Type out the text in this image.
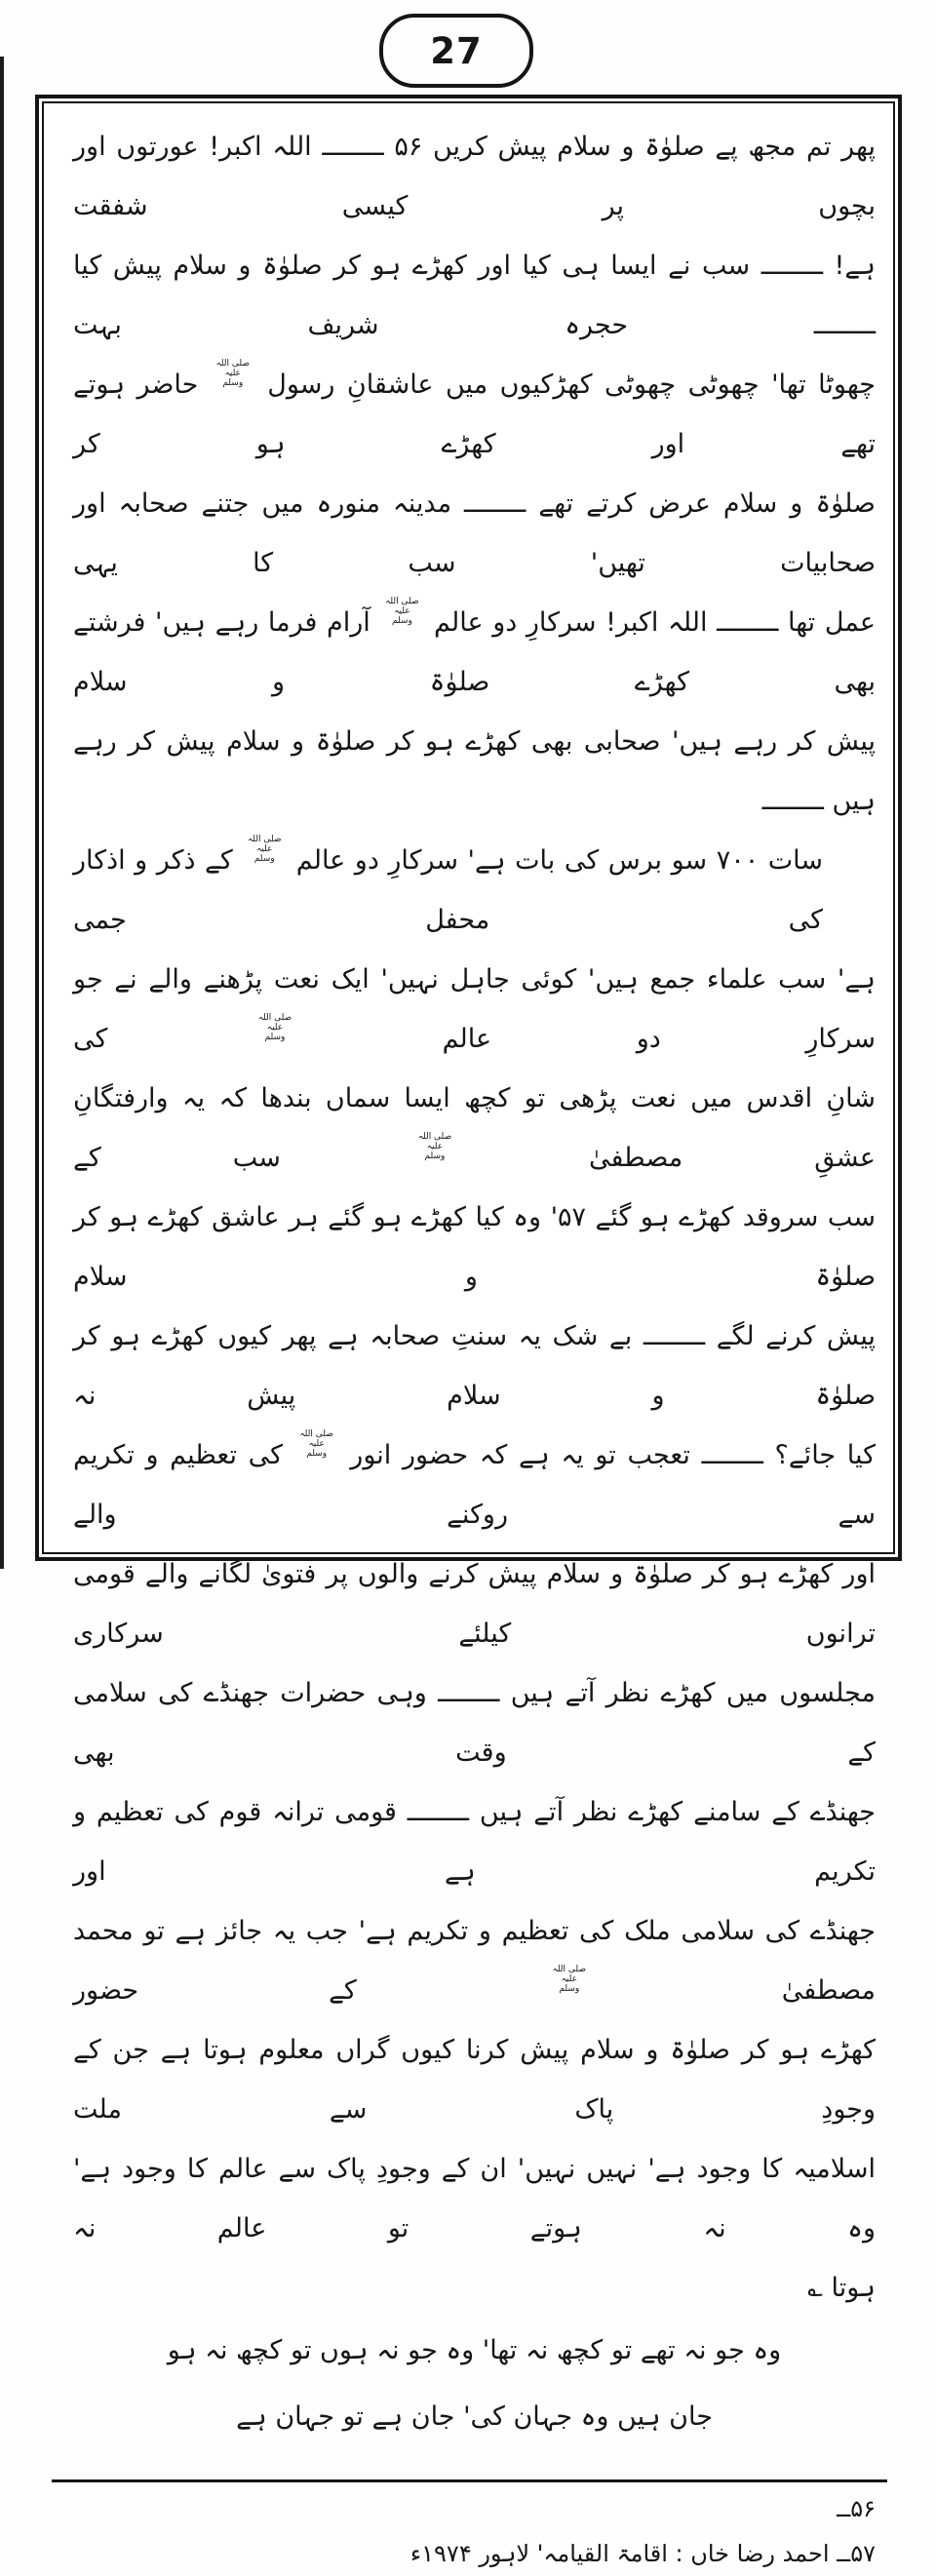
27
پھر تم مجھ پے صلوٰۃ و سلام پیش کریں ۵۶ ــــــــ اللہ اکبر! عورتوں اور بچوں پر کیسی شفقت
ہے! ــــــــ سب نے ایسا ہی کیا اور کھڑے ہو کر صلوٰۃ و سلام پیش کیا ــــــــ حجرہ شریف بہت
چھوٹا تھا' چھوٹی چھوٹی کھڑکیوں میں عاشقانِ رسول صلی اللہ
علیہ وسلم حاضر ہوتے تھے اور کھڑے ہو کر
صلوٰۃ و سلام عرض کرتے تھے ــــــــ مدینہ منورہ میں جتنے صحابہ اور صحابیات تھیں' سب کا یہی
عمل تھا ــــــــ اللہ اکبر! سرکارِ دو عالم صلی اللہ
علیہ وسلم آرام فرما رہے ہیں' فرشتے بھی کھڑے صلوٰۃ و سلام
پیش کر رہے ہیں' صحابی بھی کھڑے ہو کر صلوٰۃ و سلام پیش کر رہے ہیں ــــــــ
سات ۷۰۰ سو برس کی بات ہے' سرکارِ دو عالم صلی اللہ
علیہ وسلم کے ذکر و اذکار کی محفل جمی
ہے' سب علماء جمع ہیں' کوئی جاہل نہیں' ایک نعت پڑھنے والے نے جو سرکارِ دو عالم صلی اللہ
علیہ وسلم کی
شانِ اقدس میں نعت پڑھی تو کچھ ایسا سماں بندھا کہ یہ وارفتگانِ عشقِ مصطفیٰ صلی اللہ
علیہ وسلم سب کے
سب سروقد کھڑے ہو گئے ۵۷' وہ کیا کھڑے ہو گئے ہر عاشق کھڑے ہو کر صلوٰۃ و سلام
پیش کرنے لگے ــــــــ بے شک یہ سنتِ صحابہ ہے پھر کیوں کھڑے ہو کر صلوٰۃ و سلام پیش نہ
کیا جائے؟ ــــــــ تعجب تو یہ ہے کہ حضور انور صلی اللہ
علیہ وسلم کی تعظیم و تکریم سے روکنے والے
اور کھڑے ہو کر صلوٰۃ و سلام پیش کرنے والوں پر فتویٰ لگانے والے قومی ترانوں کیلئے سرکاری
مجلسوں میں کھڑے نظر آتے ہیں ــــــــ وہی حضرات جھنڈے کی سلامی کے وقت بھی
جھنڈے کے سامنے کھڑے نظر آتے ہیں ــــــــ قومی ترانہ قوم کی تعظیم و تکریم ہے اور
جھنڈے کی سلامی ملک کی تعظیم و تکریم ہے' جب یہ جائز ہے تو محمد مصطفیٰ صلی اللہ
علیہ وسلم کے حضور
کھڑے ہو کر صلوٰۃ و سلام پیش کرنا کیوں گراں معلوم ہوتا ہے جن کے وجودِ پاک سے ملت
اسلامیہ کا وجود ہے' نہیں نہیں' ان کے وجودِ پاک سے عالم کا وجود ہے' وہ نہ ہوتے تو عالم نہ
ہوتا ؎
وہ جو نہ تھے تو کچھ نہ تھا' وہ جو نہ ہوں تو کچھ نہ ہو
جان ہیں وہ جہان کی' جان ہے تو جہان ہے
۵۶ــ
۵۷ــ احمد رضا خاں : اقامۃ القیامہ' لاہور ۱۹۷۴ء
